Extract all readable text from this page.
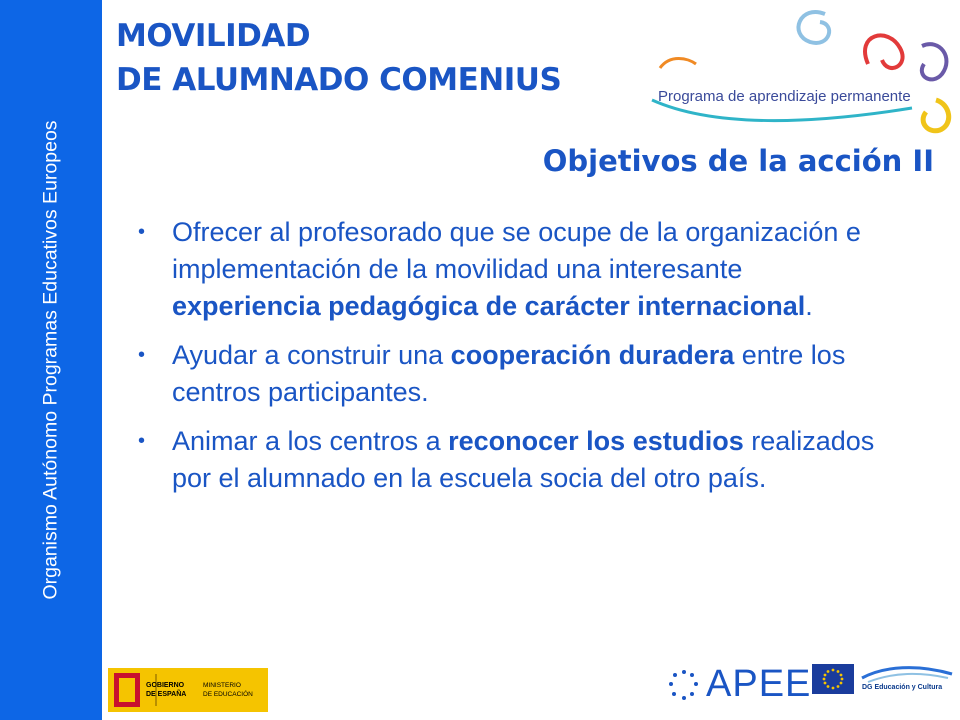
Organismo Autónomo Programas Educativos Europeos
MOVILIDAD
DE ALUMNADO COMENIUS	Programa de aprendizaje permanente
Objetivos de la acción II
• Ofrecer al profesorado que se ocupe de la organización e implementación de la movilidad una interesante experiencia pedagógica de carácter internacional.
• Ayudar a construir una cooperación duradera entre los centros participantes.
• Animar a los centros a reconocer los estudios realizados por el alumnado en la escuela socia del otro país.
GOBIERNO
DE ESPAÑA
MINISTERIO
DE EDUCACIÓN	APEE	DG Educación y Cultura
